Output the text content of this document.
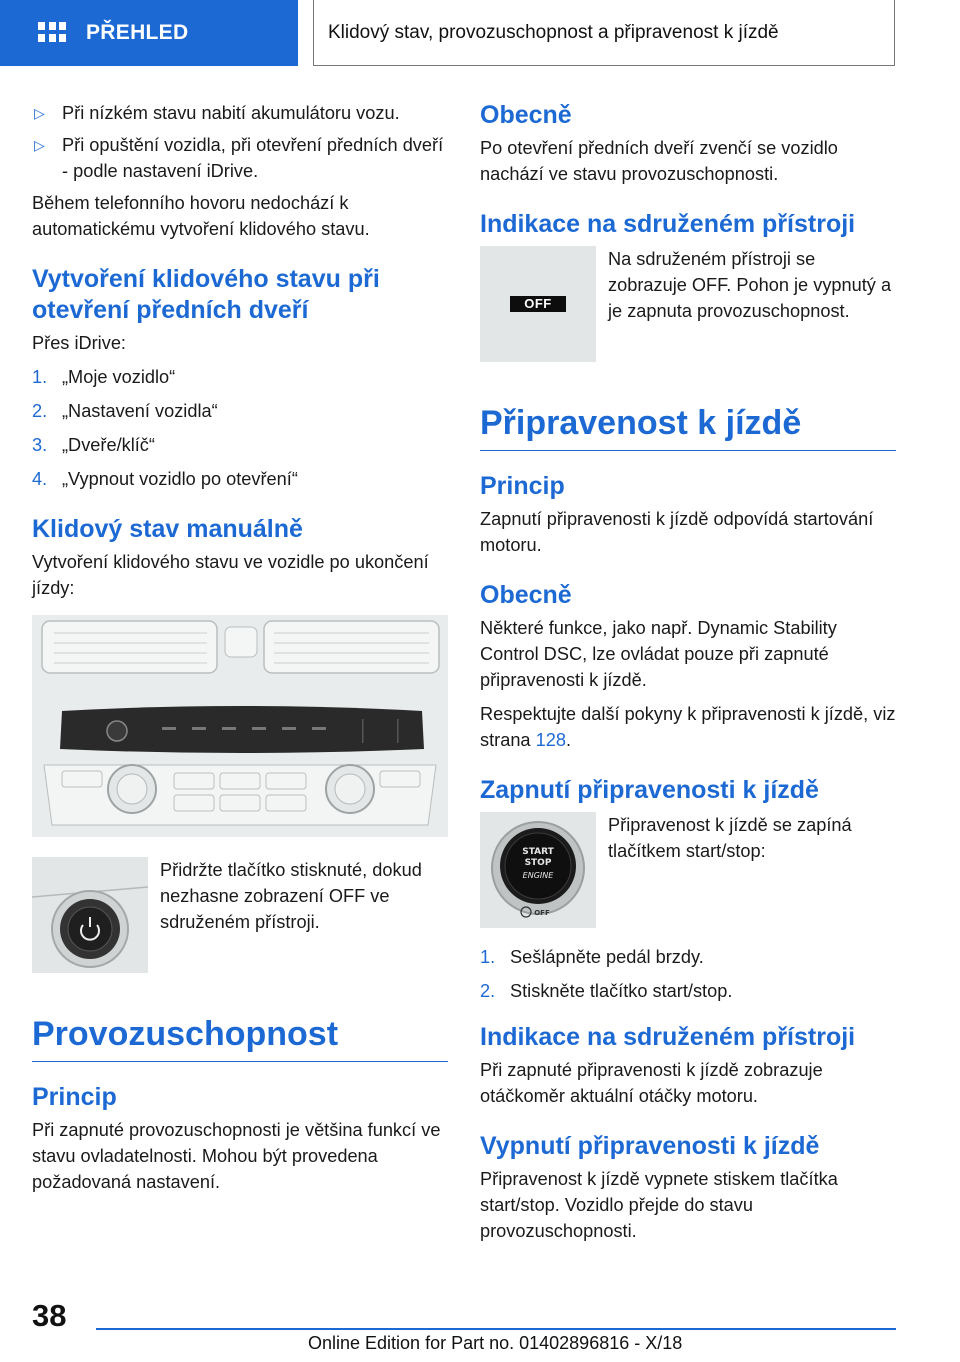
PŘEHLED	Klidový stav, provozuschopnost a připravenost k jízdě
▷ Při nízkém stavu nabití akumulátoru vozu.
▷ Při opuštění vozidla, při otevření předních dveří - podle nastavení iDrive.

Během telefonního hovoru nedochází k automatickému vytvoření klidového stavu.

Vytvoření klidového stavu při otevření předních dveří

Přes iDrive:

1. „Moje vozidlo“
2. „Nastavení vozidla“
3. „Dveře/klíč“
4. „Vypnout vozidlo po otevření“
Klidový stav manuálně

Vytvoření klidového stavu ve vozidle po ukončení jízdy:

Přidržte tlačítko stisknuté, dokud nezhasne zobrazení OFF ve sdruženém přístroji.
Provozuschopnost
Princip

Při zapnuté provozuschopnosti je většina funkcí ve stavu ovladatelnosti. Mohou být provedena požadovaná nastavení.

Obecně

Po otevření předních dveří zvenčí se vozidlo nachází ve stavu provozuschopnosti.

Indikace na sdruženém přístroji
OFF
Na sdruženém přístroji se zobrazuje OFF. Pohon je vypnutý a je zapnuta provozuschopnost.
Připravenost k jízdě
Princip

Zapnutí připravenosti k jízdě odpovídá startování motoru.

Obecně

Některé funkce, jako např. Dynamic Stability Control DSC, lze ovládat pouze při zapnuté připravenosti k jízdě.

Respektujte další pokyny k připravenosti k jízdě, viz strana 128.

Zapnutí připravenosti k jízdě
START
STOP
ENGINE
OFF
Připravenost k jízdě se zapíná tlačítkem start/stop:
1. Sešlápněte pedál brzdy.
2. Stiskněte tlačítko start/stop.
Indikace na sdruženém přístroji

Při zapnuté připravenosti k jízdě zobrazuje otáčkoměr aktuální otáčky motoru.

Vypnutí připravenosti k jízdě

Připravenost k jízdě vypnete stiskem tlačítka start/stop. Vozidlo přejde do stavu provozuschopnosti.

38
Online Edition for Part no. 01402896816 - X/18
